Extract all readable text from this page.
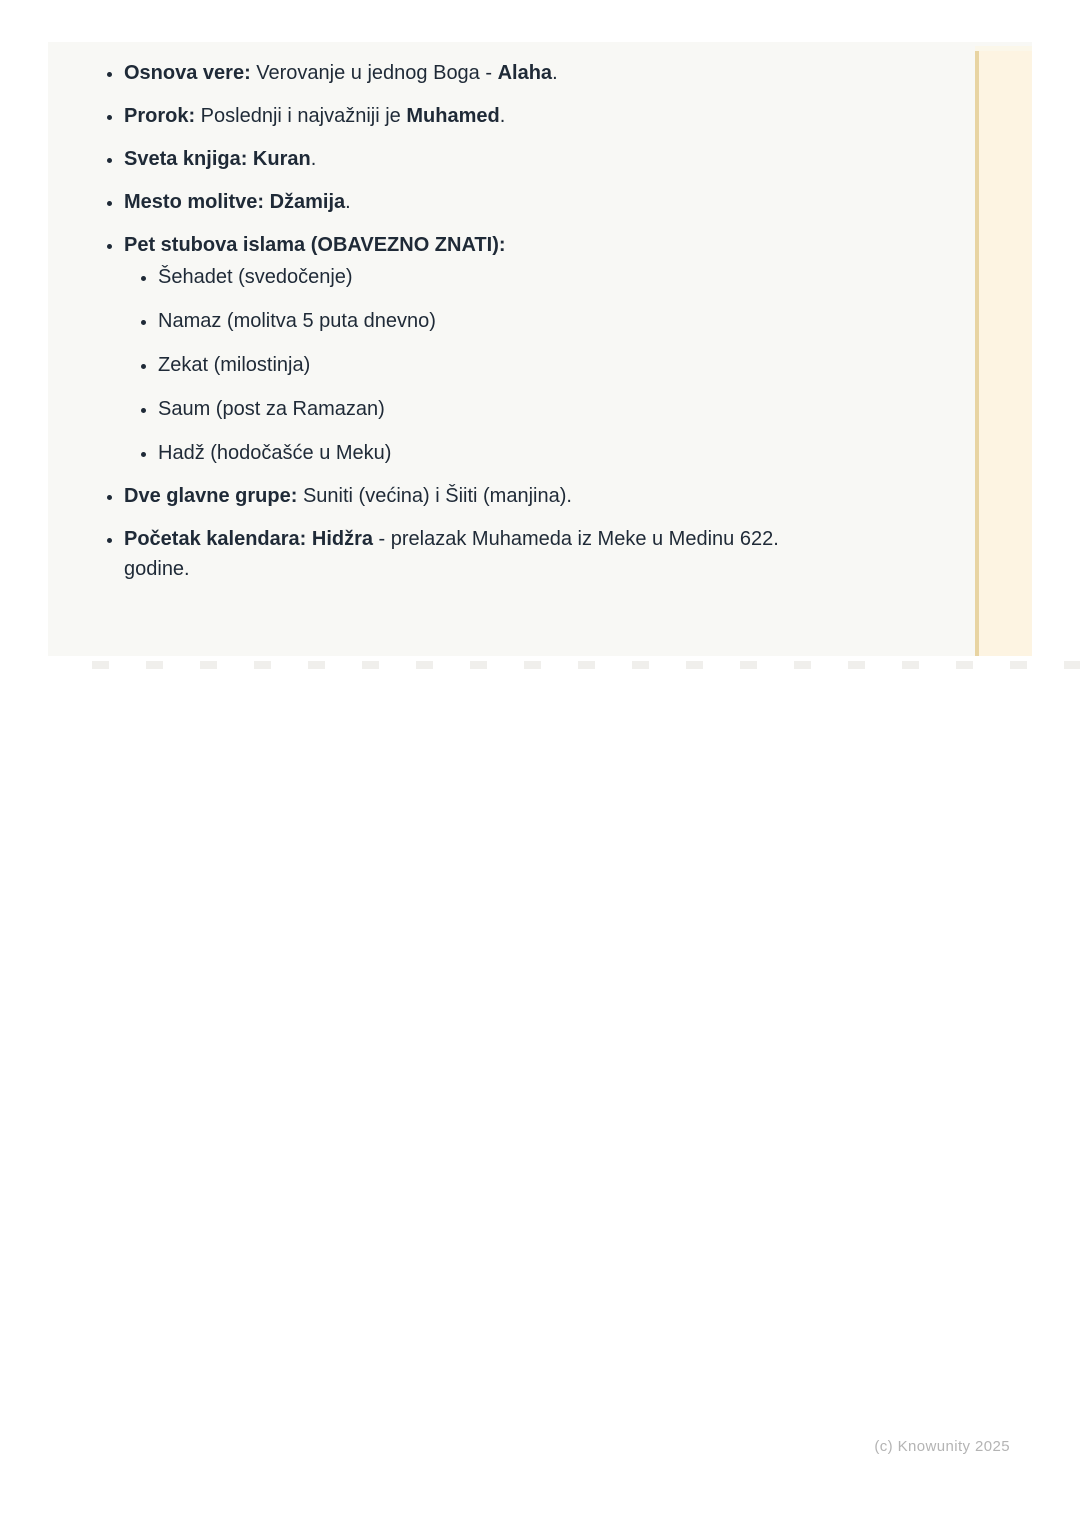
• Osnova vere: Verovanje u jednog Boga - Alaha.
• Prorok: Poslednji i najvažniji je Muhamed.
• Sveta knjiga: Kuran.
• Mesto molitve: Džamija.
• Pet stubova islama (OBAVEZNO ZNATI):
• Šehadet (svedočenje)
• Namaz (molitva 5 puta dnevno)
• Zekat (milostinja)
• Saum (post za Ramazan)
• Hadž (hodočašće u Meku)
• Dve glavne grupe: Suniti (većina) i Šiiti (manjina).
• Početak kalendara: Hidžra - prelazak Muhameda iz Meke u Medinu 622.
godine.
(c) Knowunity 2025
